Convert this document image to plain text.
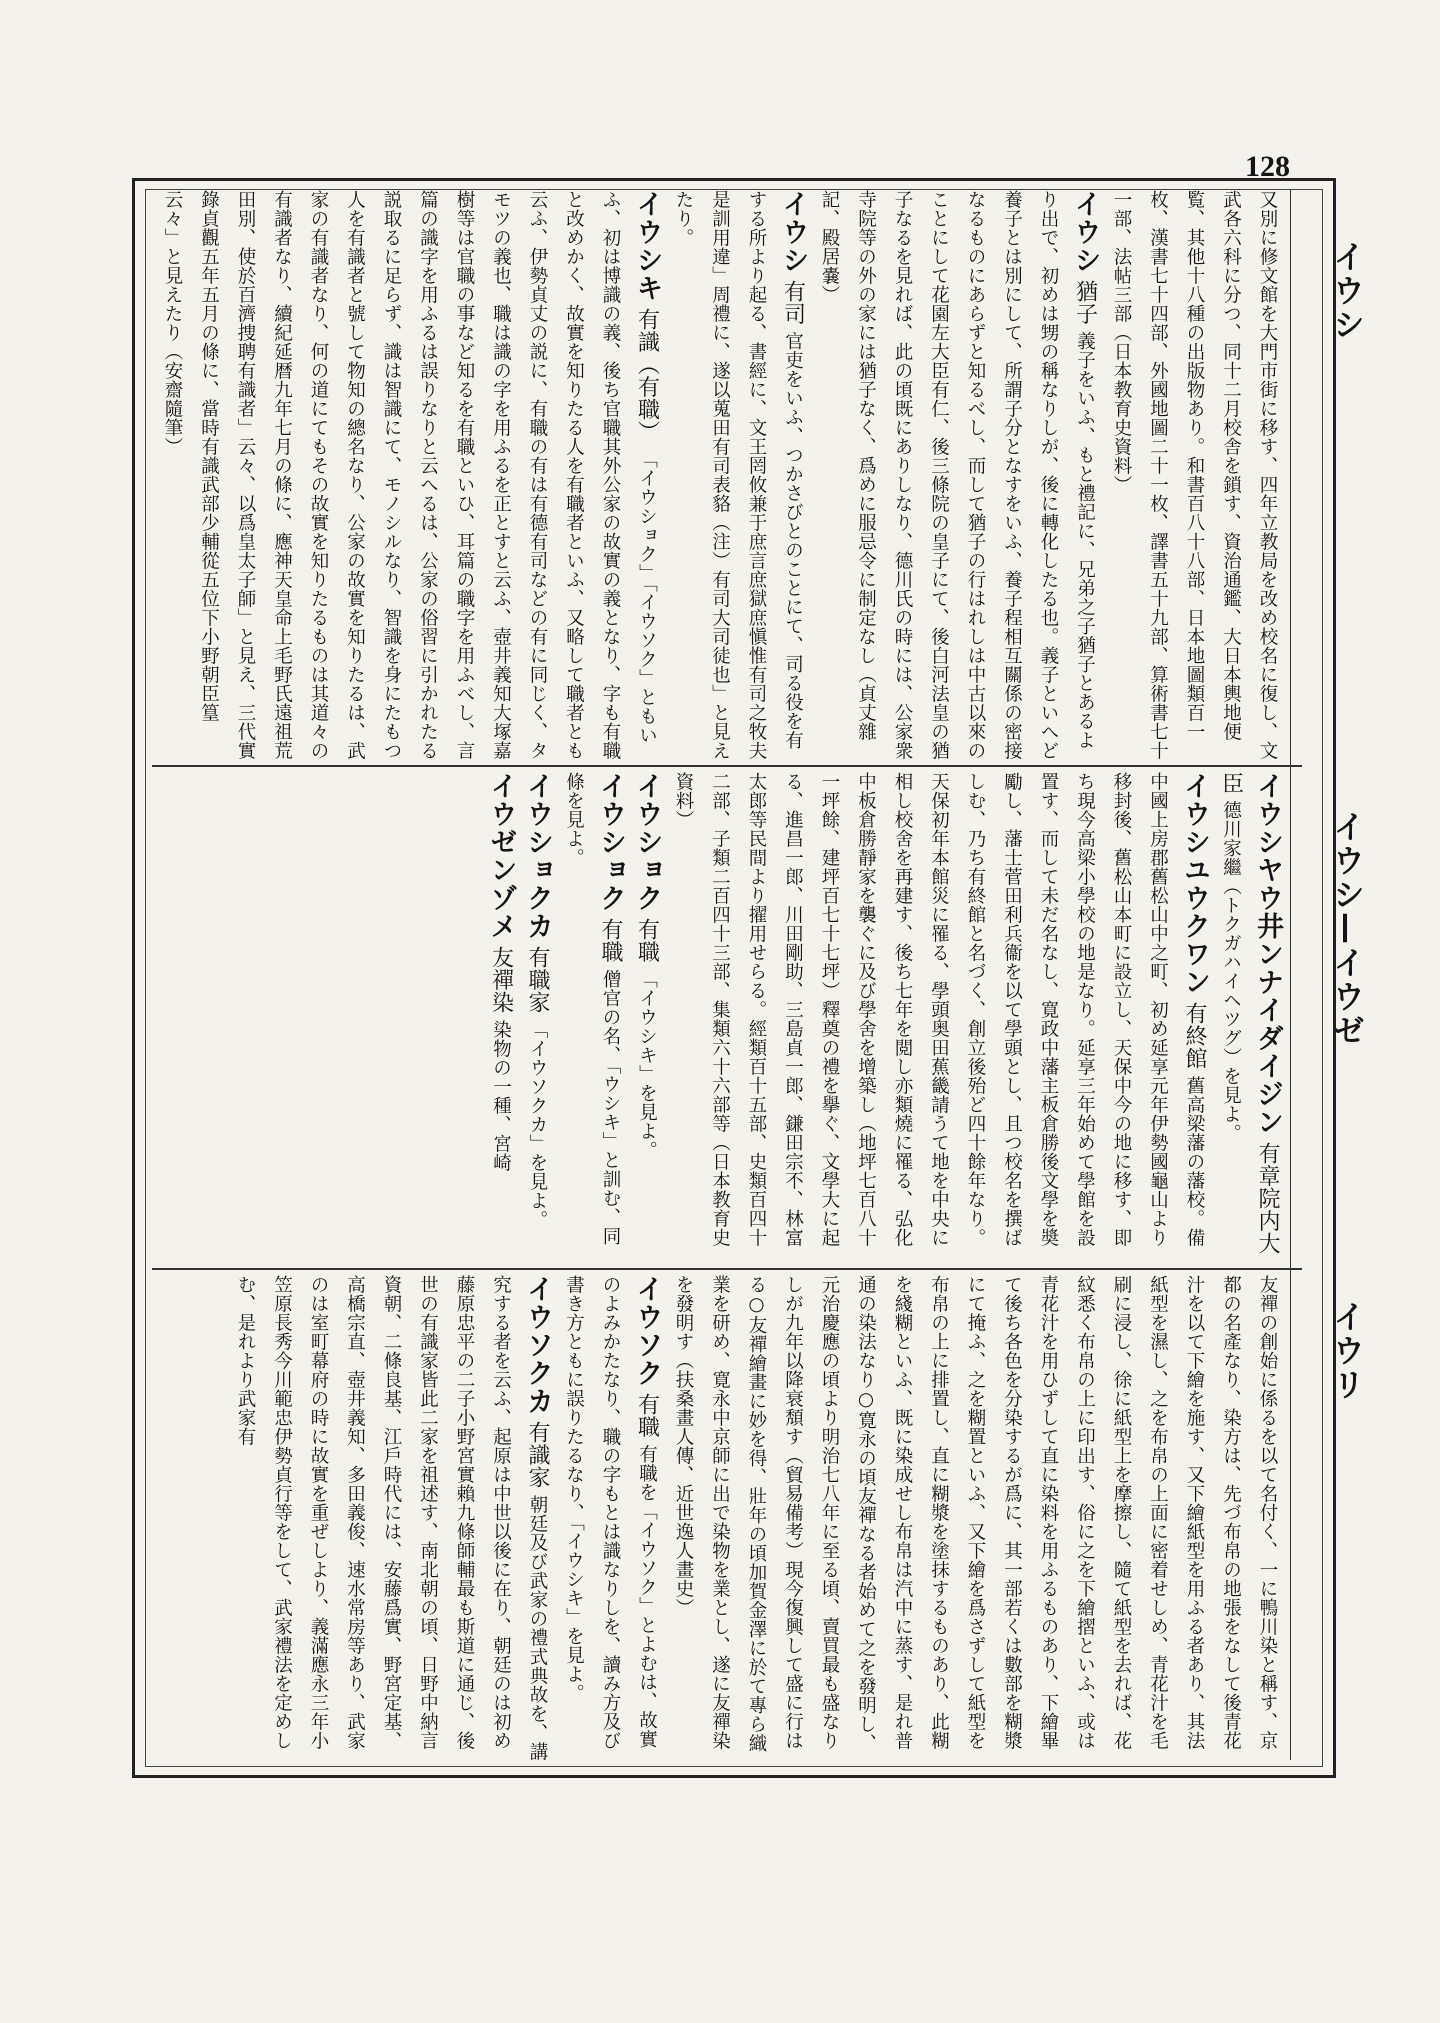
128
イウシ
イウシ—イウゼ
イウリ
又別に修文館を大門市街に移す、四年立教局を改め校名に復し、文武各六科に分つ、同十二月校舎を鎖す、資治通鑑、大日本輿地便覧、其他十八種の出版物あり。和書百八十八部、日本地圖類百一枚、漢書七十四部、外國地圖二十一枚、譯書五十九部、算術書七十一部、法帖三部（日本教育史資料）
イウシ 猶子 義子をいふ、もと禮記に、兄弟之子猶子とあるより出で、初めは甥の稱なりしが、後に轉化したる也。義子といへど養子とは別にして、所謂子分となすをいふ、養子程相互關係の密接なるものにあらずと知るべし、而して猶子の行はれしは中古以來のことにして花園左大臣有仁、後三條院の皇子にて、後白河法皇の猶子なるを見れば、此の頃既にありしなり、德川氏の時には、公家衆寺院等の外の家には猶子なく、爲めに服忌令に制定なし（貞丈雜記、殿居嚢）
イウシ 有司 官吏をいふ、つかさびとのことにて、司る役を有する所より起る、書經に、文王罔攸兼于庶言庶獄庶愼惟有司之牧夫是訓用違」周禮に、遂以蒐田有司表貉（注）有司大司徒也」と見えたり。
イウシキ 有識（有職） 「イウショク」「イウソク」ともいふ、初は博識の義、後ち官職其外公家の故實の義となり、字も有職と改めかく、故實を知りたる人を有職者といふ、又略して職者とも云ふ、伊勢貞丈の説に、有職の有は有德有司などの有に同じく、タモツの義也、職は識の字を用ふるを正とすと云ふ、壺井義知大塚嘉樹等は官職の事など知るを有職といひ、耳篇の職字を用ふべし、言篇の識字を用ふるは誤りなりと云へるは、公家の俗習に引かれたる説取るに足らず、識は智識にて、モノシルなり、智識を身にたもつ人を有識者と號して物知の總名なり、公家の故實を知りたるは、武家の有識者なり、何の道にてもその故實を知りたるものは其道々の有識者なり、續紀延暦九年七月の條に、應神天皇命上毛野氏遠祖荒田別、使於百濟捜聘有識者」云々、以爲皇太子師」と見え、三代實錄貞觀五年五月の條に、當時有識武部少輔從五位下小野朝臣篁云々」と見えたり（安齋隨筆）
イウシヤウ井ンナイダイジン 有章院内大臣 德川家繼（トクガハイヘツグ）を見よ。
イウシユウクワン 有終館 舊高梁藩の藩校。備中國上房郡舊松山中之町、初め延享元年伊勢國龜山より移封後、舊松山本町に設立し、天保中今の地に移す、即ち現今高梁小學校の地是なり。延享三年始めて學館を設置す、而して未だ名なし、寛政中藩主板倉勝後文學を奬勵し、藩士菅田利兵衞を以て學頭とし、且つ校名を撰ばしむ、乃ち有終館と名づく、創立後殆ど四十餘年なり。天保初年本館災に罹る、學頭奥田蕉畿請うて地を中央に相し校舍を再建す、後ち七年を閲し亦類燒に罹る、弘化中板倉勝靜家を襲ぐに及び學舍を增築し（地坪七百八十一坪餘、建坪百七十七坪）釋奠の禮を擧ぐ、文學大に起る、進昌一郎、川田剛助、三島貞一郎、鎌田宗不、林富太郎等民間より擢用せらる。經類百十五部、史類百四十二部、子類二百四十三部、集類六十六部等（日本教育史資料）
イウショク 有職 「イウシキ」を見よ。
イウショク 有職 僧官の名、「ウシキ」と訓む、同條を見よ。
イウショクカ 有職家 「イウソクカ」を見よ。
イウゼンゾメ 友禪染 染物の一種、宮崎
友禪の創始に係るを以て名付く、一に鴨川染と稱す、京都の名產なり、染方は、先づ布帛の地張をなして後青花汁を以て下繪を施す、又下繪紙型を用ふる者あり、其法紙型を濕し、之を布帛の上面に密着せしめ、青花汁を毛刷に浸し、徐に紙型上を摩擦し、隨て紙型を去れば、花紋悉く布帛の上に印出す、俗に之を下繪摺といふ、或は青花汁を用ひずして直に染料を用ふるものあり、下繪畢て後ち各色を分染するが爲に、其一部若くは數部を糊漿にて掩ふ、之を糊置といふ、又下繪を爲さずして紙型を布帛の上に排置し、直に糊漿を塗抹するものあり、此糊を綫糊といふ、既に染成せし布帛は汽中に蒸す、是れ普通の染法なり○寛永の頃友禪なる者始めて之を發明し、元治慶應の頃より明治七八年に至る頃、賣買最も盛なりしが九年以降衰頽す（貿易備考）現今復興して盛に行はる○友禪繪畫に妙を得、壯年の頃加賀金澤に於て專ら織業を研め、寛永中京師に出で染物を業とし、遂に友禪染を發明す（扶桑畫人傳、近世逸人畫史）
イウソク 有職 有職を「イウソク」とよむは、故實のよみかたなり、職の字もとは識なりしを、讀み方及び書き方ともに誤りたるなり、「イウシキ」を見よ。
イウソクカ 有識家 朝廷及び武家の禮式典故を、講究する者を云ふ、起原は中世以後に在り、朝廷のは初め藤原忠平の二子小野宮實賴九條師輔最も斯道に通じ、後世の有識家皆此二家を祖述す、南北朝の頃、日野中納言資朝、二條良基、江戶時代には、安藤爲實、野宮定基、高橋宗直、壺井義知、多田義俊、速水常房等あり、武家のは室町幕府の時に故實を重ぜしより、義滿應永三年小笠原長秀今川範忠伊勢貞行等をして、武家禮法を定めしむ、是れより武家有
